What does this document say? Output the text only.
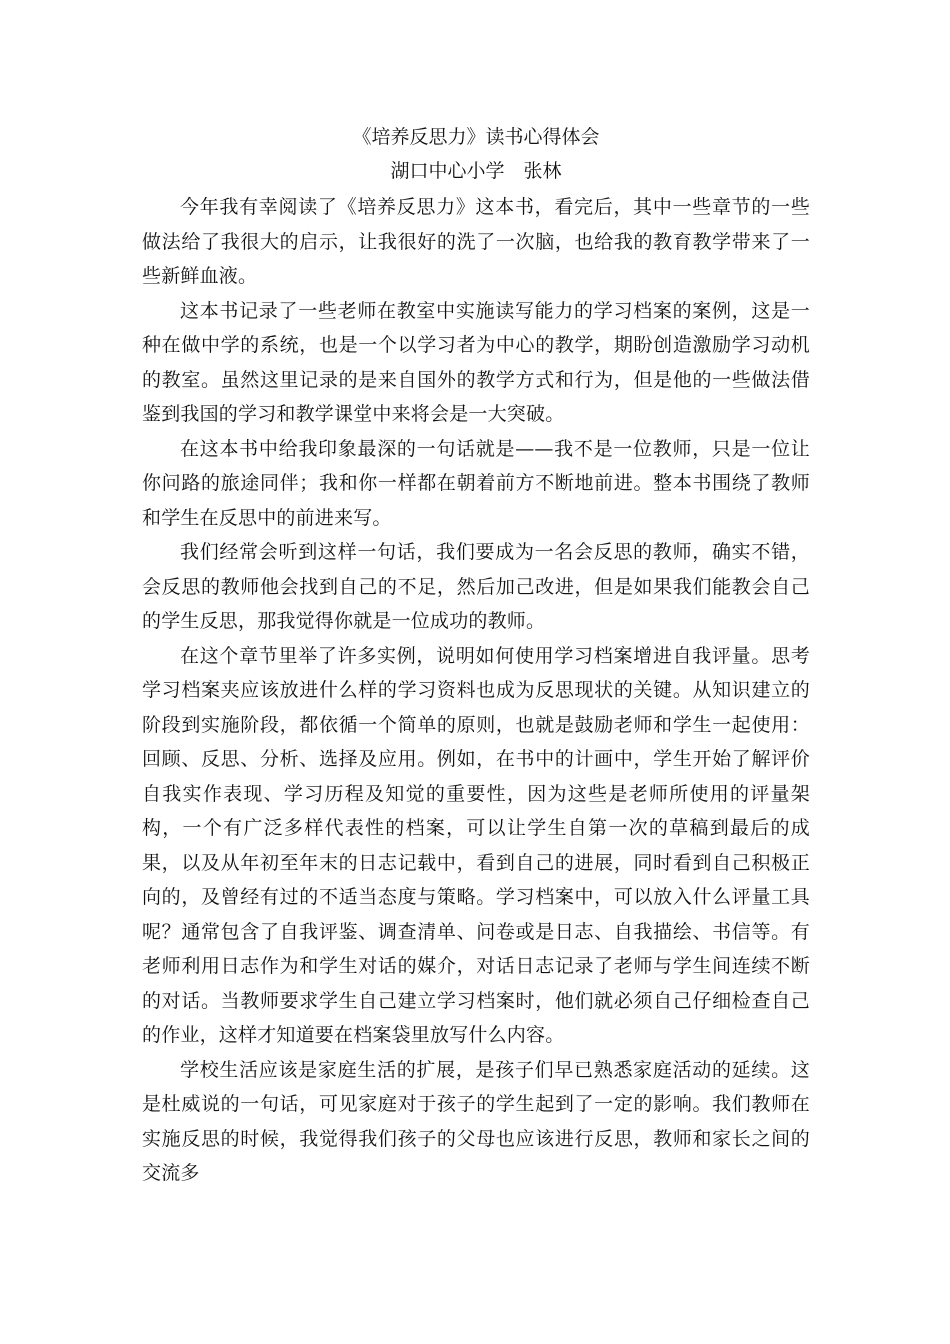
《培养反思力》读书心得体会
湖口中心小学　张林

今年我有幸阅读了《培养反思力》这本书，看完后，其中一些章节的一些做法给了我很大的启示，让我很好的洗了一次脑，也给我的教育教学带来了一些新鲜血液。

这本书记录了一些老师在教室中实施读写能力的学习档案的案例，这是一种在做中学的系统，也是一个以学习者为中心的教学，期盼创造激励学习动机的教室。虽然这里记录的是来自国外的教学方式和行为，但是他的一些做法借鉴到我国的学习和教学课堂中来将会是一大突破。

在这本书中给我印象最深的一句话就是——我不是一位教师，只是一位让你问路的旅途同伴；我和你一样都在朝着前方不断地前进。整本书围绕了教师和学生在反思中的前进来写。

我们经常会听到这样一句话，我们要成为一名会反思的教师，确实不错，会反思的教师他会找到自己的不足，然后加己改进，但是如果我们能教会自己的学生反思，那我觉得你就是一位成功的教师。

在这个章节里举了许多实例，说明如何使用学习档案增进自我评量。思考学习档案夹应该放进什么样的学习资料也成为反思现状的关键。从知识建立的阶段到实施阶段，都依循一个简单的原则，也就是鼓励老师和学生一起使用：回顾、反思、分析、选择及应用。例如，在书中的计画中，学生开始了解评价自我实作表现、学习历程及知觉的重要性，因为这些是老师所使用的评量架构，一个有广泛多样代表性的档案，可以让学生自第一次的草稿到最后的成果，以及从年初至年末的日志记载中，看到自己的进展，同时看到自己积极正向的，及曾经有过的不适当态度与策略。学习档案中，可以放入什么评量工具呢？通常包含了自我评鉴、调查清单、问卷或是日志、自我描绘、书信等。有老师利用日志作为和学生对话的媒介，对话日志记录了老师与学生间连续不断的对话。当教师要求学生自己建立学习档案时，他们就必须自己仔细检查自己的作业，这样才知道要在档案袋里放写什么内容。

学校生活应该是家庭生活的扩展，是孩子们早已熟悉家庭活动的延续。这是杜威说的一句话，可见家庭对于孩子的学生起到了一定的影响。我们教师在实施反思的时候，我觉得我们孩子的父母也应该进行反思，教师和家长之间的交流多
